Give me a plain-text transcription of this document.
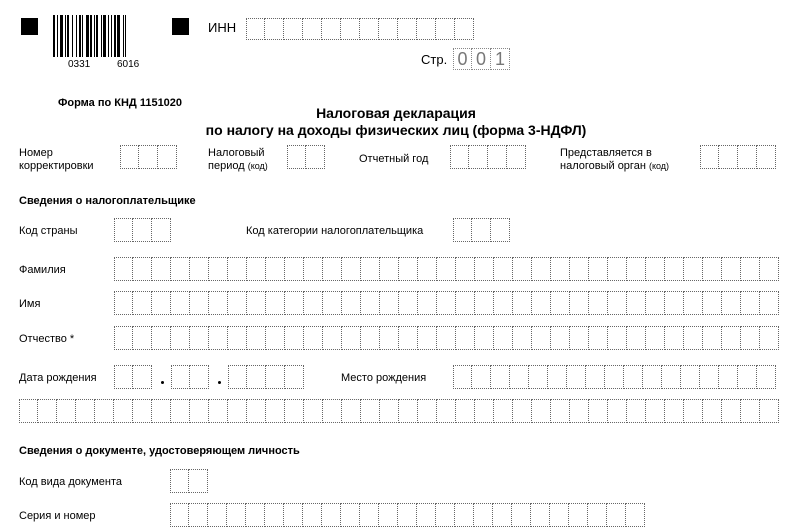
0331	6016
ИНН
Стр. 0 0 1
Форма по КНД 1151020
Налоговая декларация
по налогу на доходы физических лиц (форма 3-НДФЛ)
Номер
корректировки
Налоговый
период (код)
Отчетный год	Представляется в
налоговый орган (код)
Сведения о налогоплательщике
Код страны	Код категории налогоплательщика
Фамилия
Имя
Отчество *
Дата рождения	Место рождения
Сведения о документе, удостоверяющем личность
Код вида документа
Серия и номер
